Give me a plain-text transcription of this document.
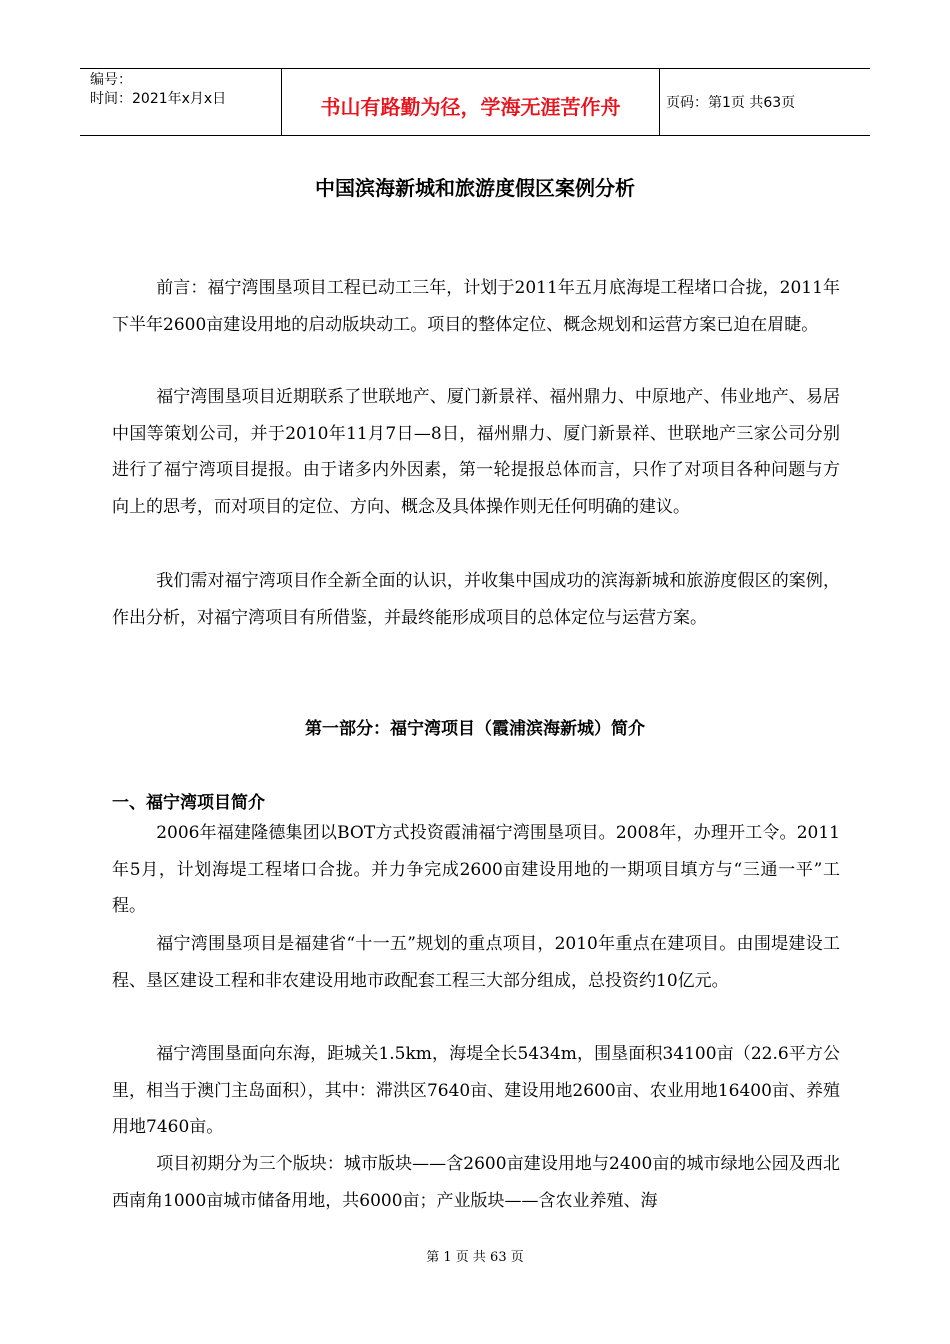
编号：
时间：2021年x月x日	书山有路勤为径，学海无涯苦作舟	页码：第1页 共63页
中国滨海新城和旅游度假区案例分析

前言：福宁湾围垦项目工程已动工三年，计划于2011年五月底海堤工程堵口合拢，2011年下半年2600亩建设用地的启动版块动工。项目的整体定位、概念规划和运营方案已迫在眉睫。

福宁湾围垦项目近期联系了世联地产、厦门新景祥、福州鼎力、中原地产、伟业地产、易居中国等策划公司，并于2010年11月7日—8日，福州鼎力、厦门新景祥、世联地产三家公司分别进行了福宁湾项目提报。由于诸多内外因素，第一轮提报总体而言，只作了对项目各种问题与方向上的思考，而对项目的定位、方向、概念及具体操作则无任何明确的建议。

我们需对福宁湾项目作全新全面的认识，并收集中国成功的滨海新城和旅游度假区的案例，作出分析，对福宁湾项目有所借鉴，并最终能形成项目的总体定位与运营方案。

第一部分：福宁湾项目（霞浦滨海新城）简介
一、福宁湾项目简介

2006年福建隆德集团以BOT方式投资霞浦福宁湾围垦项目。2008年，办理开工令。2011年5月，计划海堤工程堵口合拢。并力争完成2600亩建设用地的一期项目填方与“三通一平”工程。

福宁湾围垦项目是福建省“十一五”规划的重点项目，2010年重点在建项目。由围堤建设工程、垦区建设工程和非农建设用地市政配套工程三大部分组成，总投资约10亿元。

福宁湾围垦面向东海，距城关1.5km，海堤全长5434m，围垦面积34100亩（22.6平方公里，相当于澳门主岛面积），其中：滞洪区7640亩、建设用地2600亩、农业用地16400亩、养殖用地7460亩。

项目初期分为三个版块：城市版块——含2600亩建设用地与2400亩的城市绿地公园及西北西南角1000亩城市储备用地，共6000亩；产业版块——含农业养殖、海

第 1 页 共 63 页
